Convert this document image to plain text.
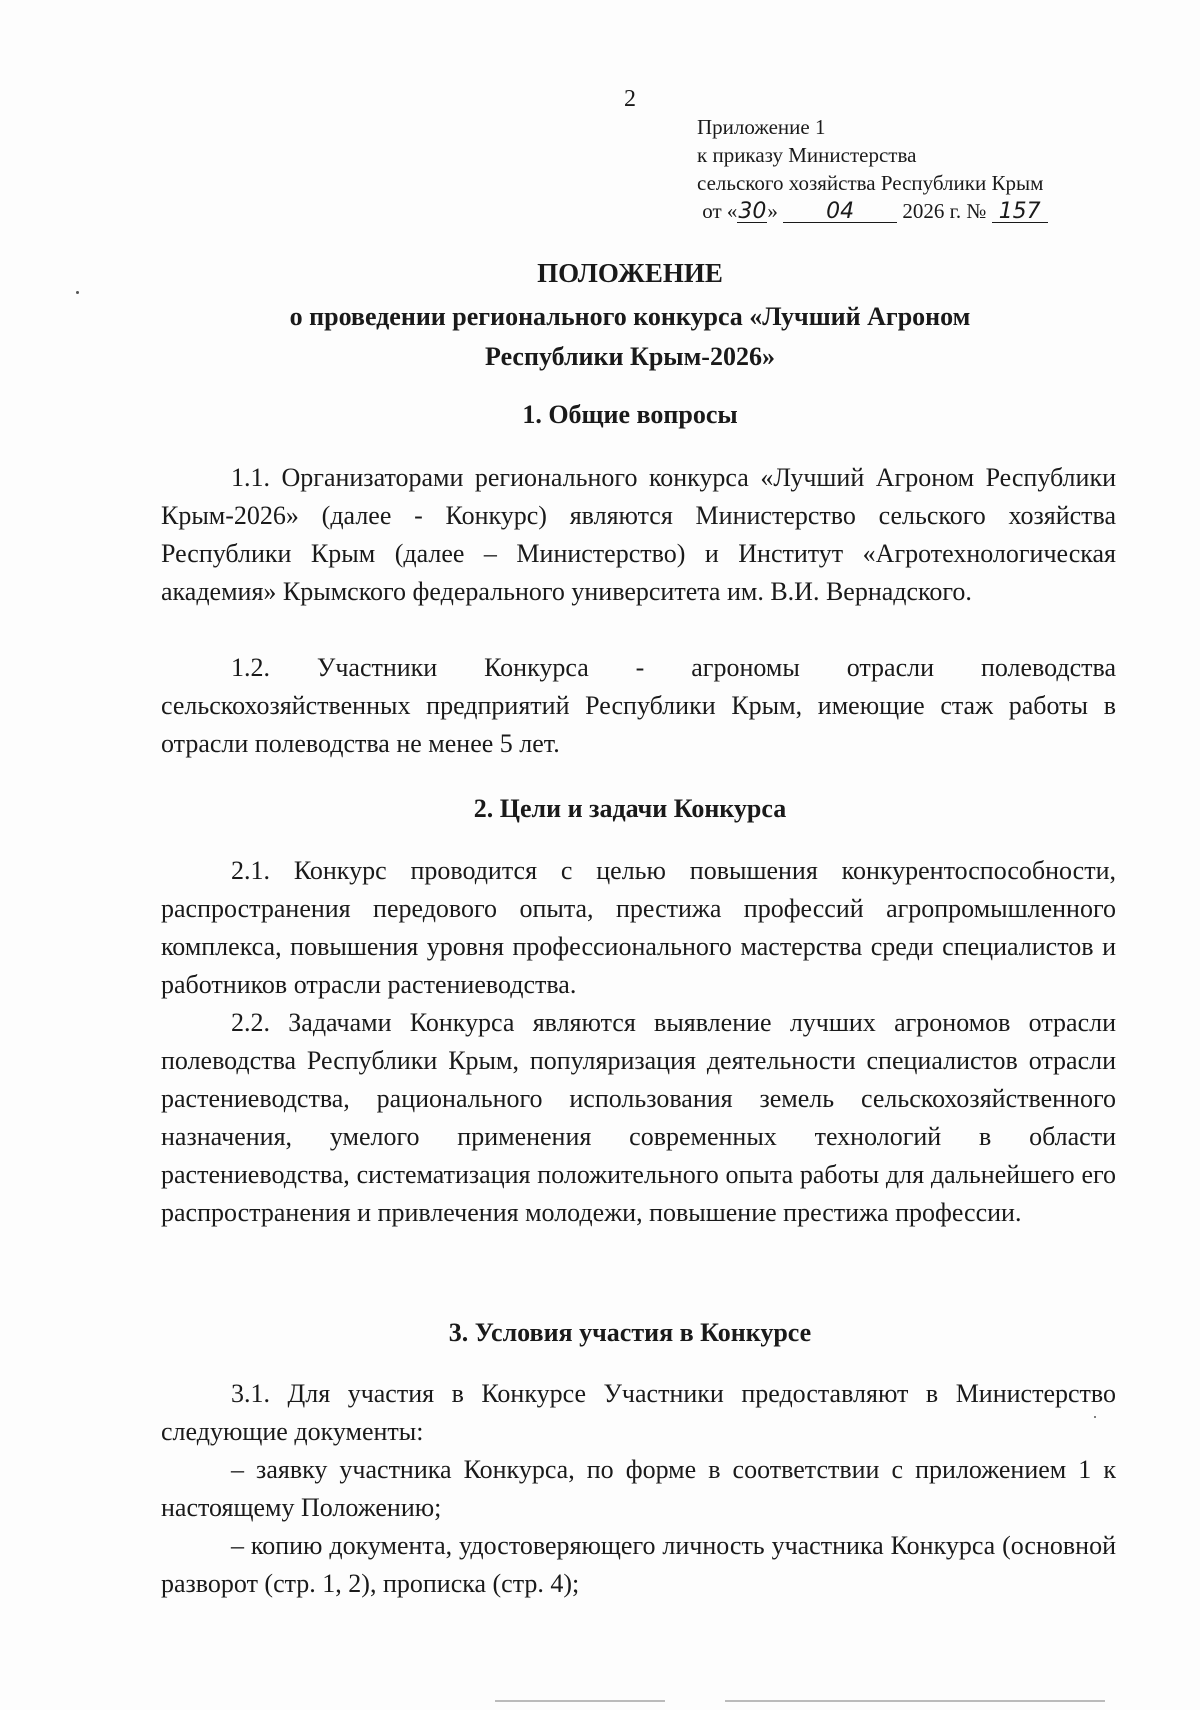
2
Приложение 1
к приказу Министерства
сельского хозяйства Республики Крым
от «30» 04 2026 г. № 157
ПОЛОЖЕНИЕ
о проведении регионального конкурса «Лучший Агроном
Республики Крым-2026»
1. Общие вопросы
1.1. Организаторами регионального конкурса «Лучший Агроном Республики Крым-2026» (далее - Конкурс) являются Министерство сельского хозяйства Республики Крым (далее – Министерство) и Институт «Агротехнологическая академия» Крымского федерального университета им. В.И. Вернадского.
1.2. Участники Конкурса - агрономы отрасли полеводства сельскохозяйственных предприятий Республики Крым, имеющие стаж работы в отрасли полеводства не менее 5 лет.
2. Цели и задачи Конкурса
2.1. Конкурс проводится с целью повышения конкурентоспособности, распространения передового опыта, престижа профессий агропромышленного комплекса, повышения уровня профессионального мастерства среди специалистов и работников отрасли растениеводства.
2.2. Задачами Конкурса являются выявление лучших агрономов отрасли полеводства Республики Крым, популяризация деятельности специалистов отрасли растениеводства, рационального использования земель сельскохозяйственного назначения, умелого применения современных технологий в области растениеводства, систематизация положительного опыта работы для дальнейшего его распространения и привлечения молодежи, повышение престижа профессии.
3. Условия участия в Конкурсе
3.1. Для участия в Конкурсе Участники предоставляют в Министерство следующие документы:
– заявку участника Конкурса, по форме в соответствии с приложением 1 к настоящему Положению;
– копию документа, удостоверяющего личность участника Конкурса (основной разворот (стр. 1, 2), прописка (стр. 4);
